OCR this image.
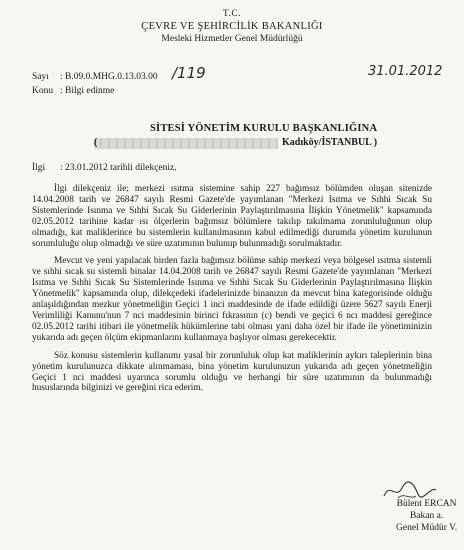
T.C.
ÇEVRE VE ŞEHİRCİLİK BAKANLIĞI
Mesleki Hizmetler Genel Müdürlüğü
Sayı : B.09.0.MHG.0.13.03.00
Konu : Bilgi edinme
/119	31.01.2012
SİTESİ YÖNETİM KURULU BAŞKANLIĞINA
(	Kadıköy/İSTANBUL )
İlgi : 23.01.2012 tarihli dilekçeniz.

İlgi dilekçeniz ile; merkezi ısıtma sistemine sahip 227 bağımsız bölümden oluşan sitenizde 14.04.2008 tarih ve 26847 sayılı Resmi Gazete'de yayımlanan "Merkezi Isıtma ve Sıhhi Sıcak Su Sistemlerinde Isınma ve Sıhhi Sıcak Su Giderlerinin Paylaştırılmasına İlişkin Yönetmelik" kapsamında 02.05.2012 tarihine kadar ısı ölçerlerin bağımsız bölümlere takılıp takılmama zorunluluğunun olup olmadığı, kat maliklerince bu sistemlerin kullanılmasının kabul edilmediği durumda yönetim kurulunun sorumluluğu olup olmadığı ve süre uzatımının bulunup bulunmadığı sorulmaktadır.

Mevcut ve yeni yapılacak birden fazla bağımsız bölüme sahip merkezi veya bölgesel ısıtma sistemli ve sıhhi sıcak su sistemli binalar 14.04.2008 tarih ve 26847 sayılı Resmi Gazete'de yayımlanan "Merkezi Isıtma ve Sıhhi Sıcak Su Sistemlerinde Isınma ve Sıhhi Sıcak Su Giderlerinin Paylaştırılmasına İlişkin Yönetmelik" kapsamında olup, dilekçedeki ifadelerinizde binanızın da mevcut bina kategorisinde olduğu anlaşıldığından mezkur yönetmeliğin Geçici 1 inci maddesinde de ifade edildiği üzere 5627 sayılı Enerji Verimliliği Kanunu'nun 7 nci maddesinin birinci fıkrasının (c) bendi ve geçici 6 ncı maddesi gereğince 02.05.2012 tarihi itibari ile yönetmelik hükümlerine tabi olması yani daha özel bir ifade ile yönetiminizin yukarıda adı geçen ölçüm ekipmanlarını kullanmaya başlıyor olması gerekecektir.

Söz konusu sistemlerin kullanımı yasal bir zorunluluk olup kat maliklerinin aykırı taleplerinin bina yönetim kurulunuzca dikkate alınmaması, bina yönetim kurulunuzun yukarıda adı geçen yönetmeliğin Geçici 1 nci maddesi uyarınca sorumlu olduğu ve herhangi bir süre uzatımının da bulunmadığı hususlarında bilginizi ve gereğini rica ederim.

Bülent ERCAN
Bakan a.
Genel Müdür V.
